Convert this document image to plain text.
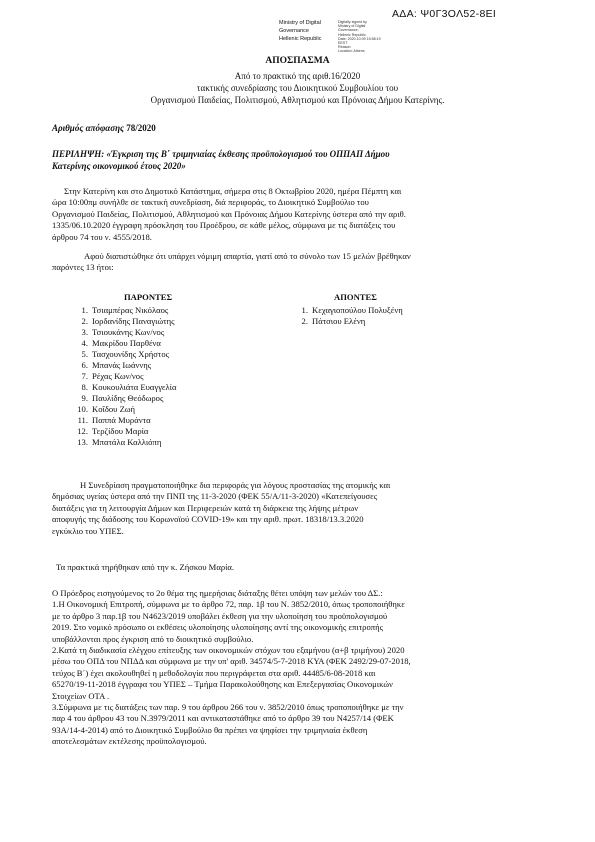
ΑΔΑ: Ψ0Γ3ΟΛ52-8ΕΙ
Ministry of Digital
Governance
Hellenic Republic
Digitally signed by
Ministry of Digital
Governance,
Hellenic Republic
Date: 2020.10.09 15:58:19
EEST
Reason:
Location: Athens
ΑΠΟΣΠΑΣΜΑ
Από το πρακτικό της αριθ.16/2020
τακτικής συνεδρίασης του Διοικητικού Συμβουλίου του
Οργανισμού Παιδείας, Πολιτισμού, Αθλητισμού και Πρόνοιας Δήμου Κατερίνης.
Αριθμός απόφασης 78/2020
ΠΕΡΙΛΗΨΗ: «Έγκριση της Β΄ τριμηνιαίας έκθεσης προϋπολογισμού του ΟΠΠΑΠ Δήμου
Κατερίνης οικονομικού έτους 2020»
Στην Κατερίνη και στο Δημοτικό Κατάστημα, σήμερα στις 8 Οκτωβρίου 2020, ημέρα Πέμπτη και
ώρα 10:00πμ συνήλθε σε τακτική συνεδρίαση, διά περιφοράς, το Διοικητικό Συμβούλιο του
Οργανισμού Παιδείας, Πολιτισμού, Αθλητισμού και Πρόνοιας Δήμου Κατερίνης ύστερα από την αριθ.
1335/06.10.2020 έγγραφη πρόσκληση του Προέδρου, σε κάθε μέλος, σύμφωνα με τις διατάξεις του
άρθρου 74 του ν. 4555/2018.
Αφού διαπιστώθηκε ότι υπάρχει νόμιμη απαρτία, γιατί από το σύνολο των 15 μελών βρέθηκαν
παρόντες 13 ήτοι:
ΠΑΡΟΝΤΕΣ
1. Τσιαμπέρας Νικόλαος
2. Ιορδανίδης Παναγιώτης
3. Τσιουκάνης Κων/νος
4. Μακρίδου Παρθένα
5. Τασχουνίδης Χρήστος
6. Μπανάς Ιωάννης
7. Ρέχας Κων/νος
8. Κουκουλιάτα Ευαγγελία
9. Παυλίδης Θεόδωρος
10. Κοΐδου Ζωή
11. Παππά Μυράντα
12. Τερζίδου Μαρία
13. Μπατάλα Καλλιόπη
ΑΠΟΝΤΕΣ
1. Κεχαγιοπούλου Πολυξένη
2. Πάτσιου Ελένη
Η Συνεδρίαση πραγματοποιήθηκε δια περιφοράς για λόγους προστασίας της ατομικής και
δημόσιας υγείας ύστερα από την ΠΝΠ της 11-3-2020 (ΦΕΚ 55/Α/11-3-2020) «Κατεπείγουσες
διατάξεις για τη λειτουργία Δήμων και Περιφερειών κατά τη διάρκεια της λήψης μέτρων
αποφυγής της διάδοσης του Κορωνοϊού COVID-19» και την αριθ. πρωτ. 18318/13.3.2020
εγκύκλιο του ΥΠΕΣ.
Τα πρακτικά τηρήθηκαν από την κ. Ζήσκου Μαρία.
Ο Πρόεδρος εισηγούμενος το 2ο θέμα της ημερήσιας διάταξης θέτει υπόψη των μελών του ΔΣ.:
1.Η Οικονομική Επιτροπή, σύμφωνα με το άρθρο 72, παρ. 1β του Ν. 3852/2010, όπως τροποποιήθηκε
με το άρθρο 3 παρ.1β του Ν4623/2019 υποβάλει έκθεση για την υλοποίηση του προϋπολογισμού
2019. Στο νομικό πρόσωπο οι εκθέσεις υλοποίησης υλοποίησης αντί της οικονομικής επιτροπής
υποβάλλονται προς έγκριση από το διοικητικό συμβούλιο.
2.Κατά τη διαδικασία ελέγχου επίτευξης των οικονομικών στόχων του εξαμήνου (α+β τριμήνου) 2020
μέσω του ΟΠΔ του ΝΠΔΔ και σύμφωνα με την υπ' αριθ. 34574/5-7-2018 ΚΥΑ (ΦΕΚ 2492/29-07-2018,
τεύχος Β΄) έχει ακολουθηθεί η μεθοδολογία που περιγράφεται στα αριθ. 44485/6-08-2018 και
65270/19-11-2018 έγγραφα του ΥΠΕΣ – Τμήμα Παρακολούθησης και Επεξεργασίας Οικονομικών
Στοιχείων ΟΤΑ .
3.Σύμφωνα με τις διατάξεις των παρ. 9 του άρθρου 266 του ν. 3852/2010 όπως τροποποιήθηκε με την
παρ 4 του άρθρου 43 του Ν.3979/2011 και αντικαταστάθηκε από το άρθρο 39 του Ν4257/14 (ΦΕΚ
93Α/14-4-2014) από το Διοικητικό Συμβούλιο θα πρέπει να ψηφίσει την τριμηνιαία έκθεση
αποτελεσμάτων εκτέλεσης προϋπολογισμού.
